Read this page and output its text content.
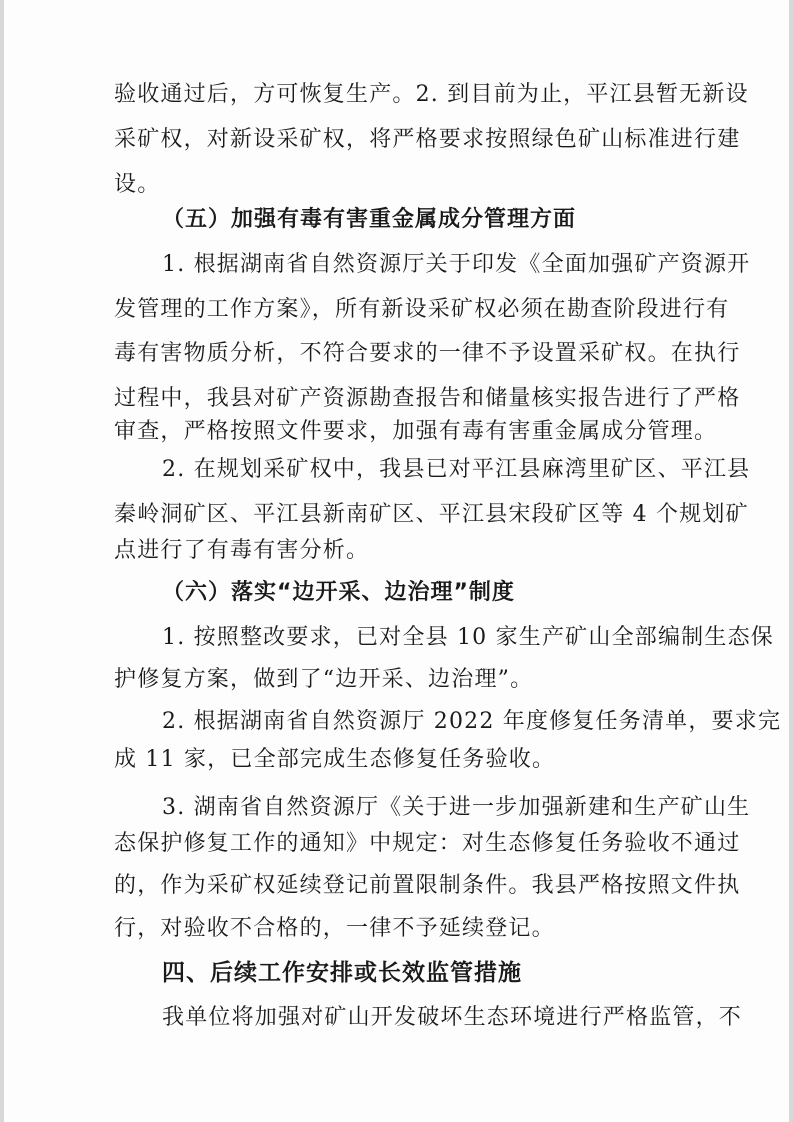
验收通过后，方可恢复生产。2. 到目前为止，平江县暂无新设
采矿权，对新设采矿权，将严格要求按照绿色矿山标准进行建
设。
（五）加强有毒有害重金属成分管理方面
1. 根据湖南省自然资源厅关于印发《全面加强矿产资源开
发管理的工作方案》，所有新设采矿权必须在勘查阶段进行有
毒有害物质分析，不符合要求的一律不予设置采矿权。在执行
过程中，我县对矿产资源勘查报告和储量核实报告进行了严格
审查，严格按照文件要求，加强有毒有害重金属成分管理。
2. 在规划采矿权中，我县已对平江县麻湾里矿区、平江县
秦岭洞矿区、平江县新南矿区、平江县宋段矿区等 4 个规划矿
点进行了有毒有害分析。
（六）落实“边开采、边治理”制度
1. 按照整改要求，已对全县 10 家生产矿山全部编制生态保
护修复方案，做到了“边开采、边治理”。
2. 根据湖南省自然资源厅 2022 年度修复任务清单，要求完
成 11 家，已全部完成生态修复任务验收。
3. 湖南省自然资源厅《关于进一步加强新建和生产矿山生
态保护修复工作的通知》中规定：对生态修复任务验收不通过
的，作为采矿权延续登记前置限制条件。我县严格按照文件执
行，对验收不合格的，一律不予延续登记。
四、后续工作安排或长效监管措施
我单位将加强对矿山开发破坏生态环境进行严格监管，不
